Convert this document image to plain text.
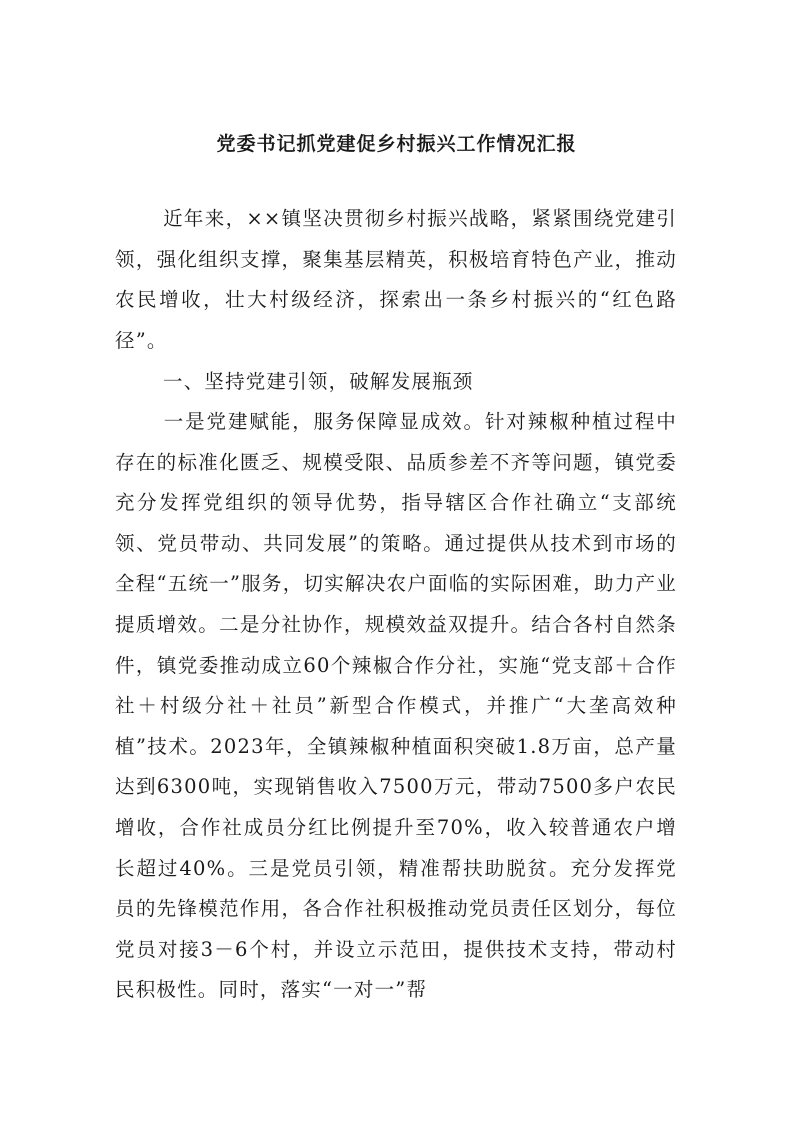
党委书记抓党建促乡村振兴工作情况汇报
近年来，××镇坚决贯彻乡村振兴战略，紧紧围绕党建引领，强化组织支撑，聚集基层精英，积极培育特色产业，推动农民增收，壮大村级经济，探索出一条乡村振兴的“红色路径”。
一、坚持党建引领，破解发展瓶颈
一是党建赋能，服务保障显成效。针对辣椒种植过程中存在的标准化匮乏、规模受限、品质参差不齐等问题，镇党委充分发挥党组织的领导优势，指导辖区合作社确立“支部统领、党员带动、共同发展”的策略。通过提供从技术到市场的全程“五统一”服务，切实解决农户面临的实际困难，助力产业提质增效。二是分社协作，规模效益双提升。结合各村自然条件，镇党委推动成立60个辣椒合作分社，实施“党支部＋合作社＋村级分社＋社员”新型合作模式，并推广“大垄高效种植”技术。2023年，全镇辣椒种植面积突破1.8万亩，总产量达到6300吨，实现销售收入7500万元，带动7500多户农民增收，合作社成员分红比例提升至70%，收入较普通农户增长超过40%。三是党员引领，精准帮扶助脱贫。充分发挥党员的先锋模范作用，各合作社积极推动党员责任区划分，每位党员对接3－6个村，并设立示范田，提供技术支持，带动村民积极性。同时，落实“一对一”帮
